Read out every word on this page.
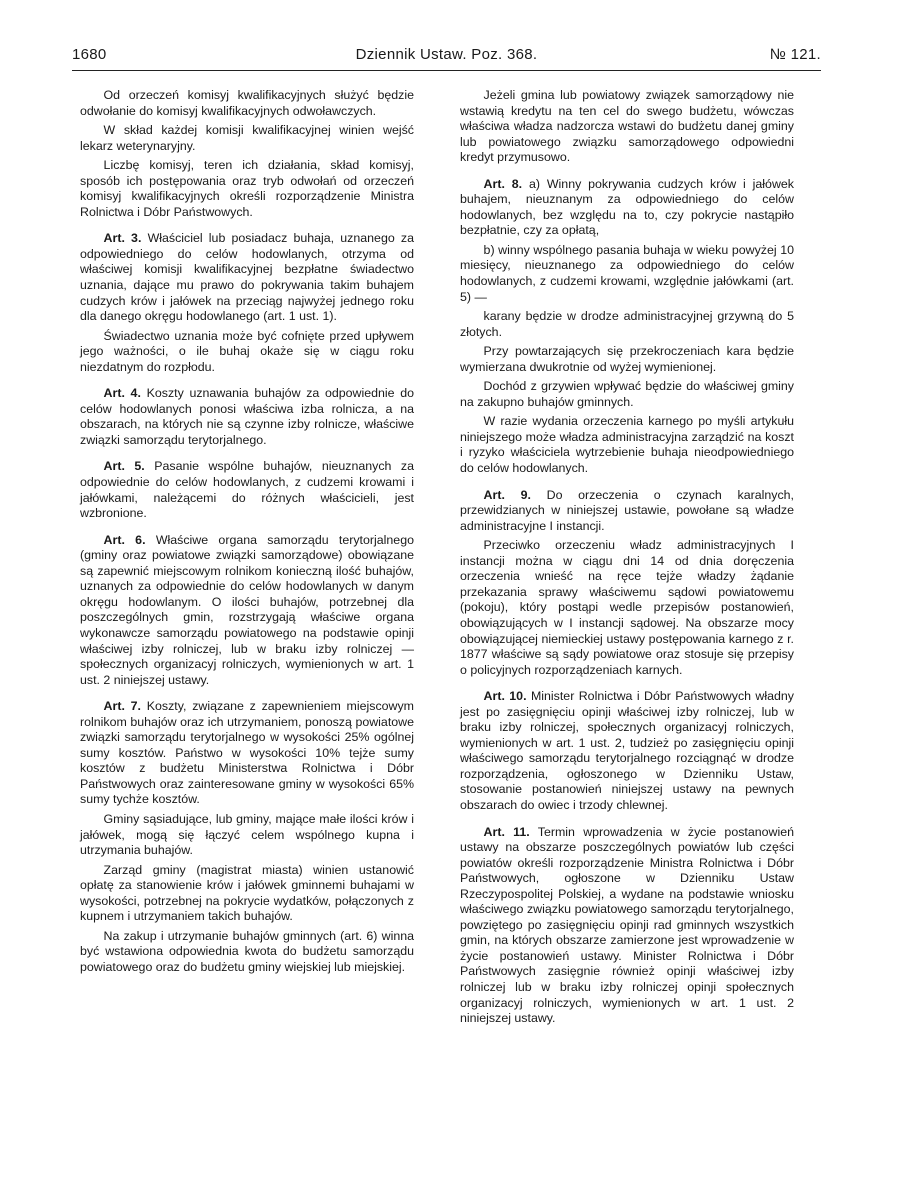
1680	Dziennik Ustaw. Poz. 368.	№ 121.

Od orzeczeń komisyj kwalifikacyjnych służyć będzie odwołanie do komisyj kwalifikacyjnych odwoławczych.

W skład każdej komisji kwalifikacyjnej winien wejść lekarz weterynaryjny.

Liczbę komisyj, teren ich działania, skład komisyj, sposób ich postępowania oraz tryb odwołań od orzeczeń komisyj kwalifikacyjnych określi rozporządzenie Ministra Rolnictwa i Dóbr Państwowych.

Art. 3. Właściciel lub posiadacz buhaja, uznanego za odpowiedniego do celów hodowlanych, otrzyma od właściwej komisji kwalifikacyjnej bezpłatne świadectwo uznania, dające mu prawo do pokrywania takim buhajem cudzych krów i jałówek na przeciąg najwyżej jednego roku dla danego okręgu hodowlanego (art. 1 ust. 1).

Świadectwo uznania może być cofnięte przed upływem jego ważności, o ile buhaj okaże się w ciągu roku niezdatnym do rozpłodu.

Art. 4. Koszty uznawania buhajów za odpowiednie do celów hodowlanych ponosi właściwa izba rolnicza, a na obszarach, na których nie są czynne izby rolnicze, właściwe związki samorządu terytorjalnego.

Art. 5. Pasanie wspólne buhajów, nieuznanych za odpowiednie do celów hodowlanych, z cudzemi krowami i jałówkami, należącemi do różnych właścicieli, jest wzbronione.

Art. 6. Właściwe organa samorządu terytorjalnego (gminy oraz powiatowe związki samorządowe) obowiązane są zapewnić miejscowym rolnikom konieczną ilość buhajów, uznanych za odpowiednie do celów hodowlanych w danym okręgu hodowlanym. O ilości buhajów, potrzebnej dla poszczególnych gmin, rozstrzygają właściwe organa wykonawcze samorządu powiatowego na podstawie opinji właściwej izby rolniczej, lub w braku izby rolniczej — społecznych organizacyj rolniczych, wymienionych w art. 1 ust. 2 niniejszej ustawy.

Art. 7. Koszty, związane z zapewnieniem miejscowym rolnikom buhajów oraz ich utrzymaniem, ponoszą powiatowe związki samorządu terytorjalnego w wysokości 25% ogólnej sumy kosztów. Państwo w wysokości 10% tejże sumy kosztów z budżetu Ministerstwa Rolnictwa i Dóbr Państwowych oraz zainteresowane gminy w wysokości 65% sumy tychże kosztów.

Gminy sąsiadujące, lub gminy, mające małe ilości krów i jałówek, mogą się łączyć celem wspólnego kupna i utrzymania buhajów.

Zarząd gminy (magistrat miasta) winien ustanowić opłatę za stanowienie krów i jałówek gminnemi buhajami w wysokości, potrzebnej na pokrycie wydatków, połączonych z kupnem i utrzymaniem takich buhajów.

Na zakup i utrzymanie buhajów gminnych (art. 6) winna być wstawiona odpowiednia kwota do budżetu samorządu powiatowego oraz do budżetu gminy wiejskiej lub miejskiej.

Jeżeli gmina lub powiatowy związek samorządowy nie wstawią kredytu na ten cel do swego budżetu, wówczas właściwa władza nadzorcza wstawi do budżetu danej gminy lub powiatowego związku samorządowego odpowiedni kredyt przymusowo.

Art. 8. a) Winny pokrywania cudzych krów i jałówek buhajem, nieuznanym za odpowiedniego do celów hodowlanych, bez względu na to, czy pokrycie nastąpiło bezpłatnie, czy za opłatą,

b) winny wspólnego pasania buhaja w wieku powyżej 10 miesięcy, nieuznanego za odpowiedniego do celów hodowlanych, z cudzemi krowami, względnie jałówkami (art. 5) —

karany będzie w drodze administracyjnej grzywną do 5 złotych.

Przy powtarzających się przekroczeniach kara będzie wymierzana dwukrotnie od wyżej wymienionej.

Dochód z grzywien wpływać będzie do właściwej gminy na zakupno buhajów gminnych.

W razie wydania orzeczenia karnego po myśli artykułu niniejszego może władza administracyjna zarządzić na koszt i ryzyko właściciela wytrzebienie buhaja nieodpowiedniego do celów hodowlanych.

Art. 9. Do orzeczenia o czynach karalnych, przewidzianych w niniejszej ustawie, powołane są władze administracyjne I instancji.

Przeciwko orzeczeniu władz administracyjnych I instancji można w ciągu dni 14 od dnia doręczenia orzeczenia wnieść na ręce tejże władzy żądanie przekazania sprawy właściwemu sądowi powiatowemu (pokoju), który postąpi wedle przepisów postanowień, obowiązujących w I instancji sądowej. Na obszarze mocy obowiązującej niemieckiej ustawy postępowania karnego z r. 1877 właściwe są sądy powiatowe oraz stosuje się przepisy o policyjnych rozporządzeniach karnych.

Art. 10. Minister Rolnictwa i Dóbr Państwowych władny jest po zasięgnięciu opinji właściwej izby rolniczej, lub w braku izby rolniczej, społecznych organizacyj rolniczych, wymienionych w art. 1 ust. 2, tudzież po zasięgnięciu opinji właściwego samorządu terytorjalnego rozciągnąć w drodze rozporządzenia, ogłoszonego w Dzienniku Ustaw, stosowanie postanowień niniejszej ustawy na pewnych obszarach do owiec i trzody chlewnej.

Art. 11. Termin wprowadzenia w życie postanowień ustawy na obszarze poszczególnych powiatów lub części powiatów określi rozporządzenie Ministra Rolnictwa i Dóbr Państwowych, ogłoszone w Dzienniku Ustaw Rzeczypospolitej Polskiej, a wydane na podstawie wniosku właściwego związku powiatowego samorządu terytorjalnego, powziętego po zasięgnięciu opinji rad gminnych wszystkich gmin, na których obszarze zamierzone jest wprowadzenie w życie postanowień ustawy. Minister Rolnictwa i Dóbr Państwowych zasięgnie również opinji właściwej izby rolniczej lub w braku izby rolniczej opinji społecznych organizacyj rolniczych, wymienionych w art. 1 ust. 2 niniejszej ustawy.
